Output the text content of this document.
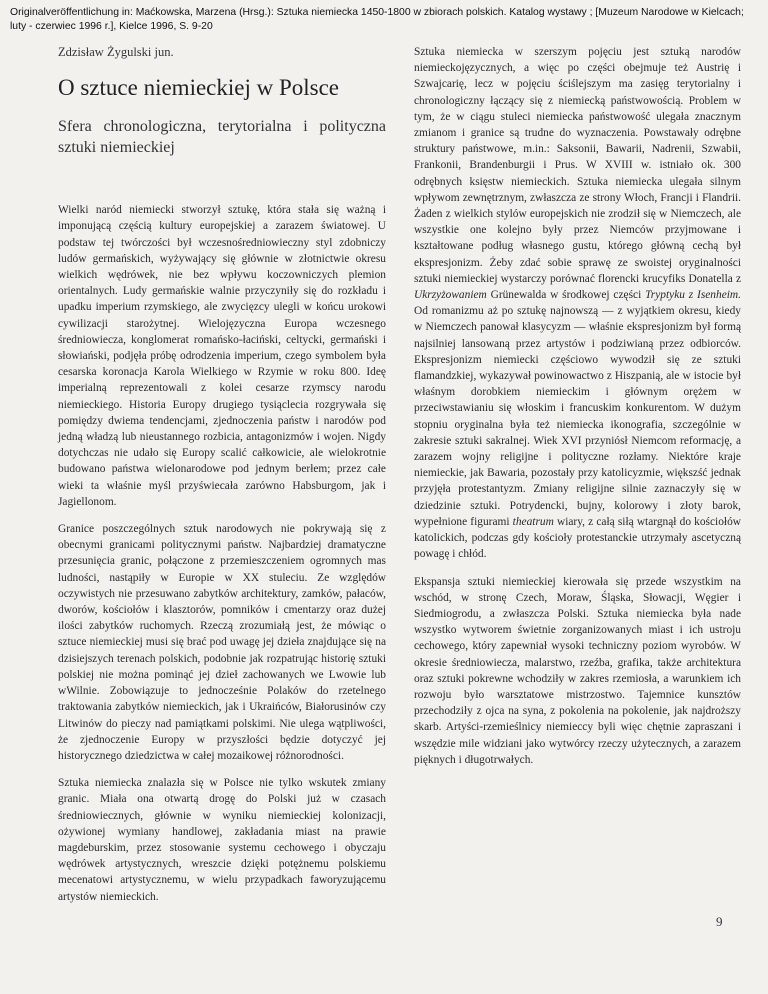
Originalveröffentlichung in: Maćkowska, Marzena (Hrsg.): Sztuka niemiecka 1450-1800 w zbiorach polskich. Katalog wystawy ; [Muzeum Narodowe w Kielcach; luty - czerwiec 1996 r.], Kielce 1996, S. 9-20

Zdzisław Żygulski jun.

O sztuce niemieckiej w Polsce
Sfera chronologiczna, terytorialna i polityczna sztuki niemieckiej

Wielki naród niemiecki stworzył sztukę, która stała się ważną i imponującą częścią kultury europejskiej a zarazem światowej. U podstaw tej twórczości był wczesnośredniowieczny styl zdobniczy ludów germańskich, wyżywający się głównie w złotnictwie okresu wielkich wędrówek, nie bez wpływu koczowniczych plemion orientalnych. Ludy germańskie walnie przyczyniły się do rozkładu i upadku imperium rzymskiego, ale zwycięzcy ulegli w końcu urokowi cywilizacji starożytnej. Wielojęzyczna Europa wczesnego średniowiecza, konglomerat romańsko-łaciński, celtycki, germański i słowiański, podjęła próbę odrodzenia imperium, czego symbolem była cesarska koronacja Karola Wielkiego w Rzymie w roku 800. Ideę imperialną reprezentowali z kolei cesarze rzymscy narodu niemieckiego. Historia Europy drugiego tysiąclecia rozgrywała się pomiędzy dwiema tendencjami, zjednoczenia państw i narodów pod jedną władzą lub nieustannego rozbicia, antagonizmów i wojen. Nigdy dotychczas nie udało się Europy scalić całkowicie, ale wielokrotnie budowano państwa wielonarodowe pod jednym berłem; przez całe wieki ta właśnie myśl przyświecała zarówno Habsburgom, jak i Jagiellonom.

Granice poszczególnych sztuk narodowych nie pokrywają się z obecnymi granicami politycznymi państw. Najbardziej dramatyczne przesunięcia granic, połączone z przemieszczeniem ogromnych mas ludności, nastąpiły w Europie w XX stuleciu. Ze względów oczywistych nie przesuwano zabytków architektury, zamków, pałaców, dworów, kościołów i klasztorów, pomników i cmentarzy oraz dużej ilości zabytków ruchomych. Rzeczą zrozumiałą jest, że mówiąc o sztuce niemieckiej musi się brać pod uwagę jej dzieła znajdujące się na dzisiejszych terenach polskich, podobnie jak rozpatrując historię sztuki polskiej nie można pominąć jej dzieł zachowanych we Lwowie lub wWilnie. Zobowiązuje to jednocześnie Polaków do rzetelnego traktowania zabytków niemieckich, jak i Ukraińców, Białorusinów czy Litwinów do pieczy nad pamiątkami polskimi. Nie ulega wątpliwości, że zjednoczenie Europy w przyszłości będzie dotyczyć jej historycznego dziedzictwa w całej mozaikowej różnorodności.

Sztuka niemiecka znalazła się w Polsce nie tylko wskutek zmiany granic. Miała ona otwartą drogę do Polski już w czasach średniowiecznych, głównie w wyniku niemieckiej kolonizacji, ożywionej wymiany handlowej, zakładania miast na prawie magdeburskim, przez stosowanie systemu cechowego i obyczaju wędrówek artystycznych, wreszcie dzięki potężnemu polskiemu mecenatowi artystycznemu, w wielu przypadkach faworyzującemu artystów niemieckich.

Sztuka niemiecka w szerszym pojęciu jest sztuką narodów niemieckojęzycznych, a więc po części obejmuje też Austrię i Szwajcarię, lecz w pojęciu ściślejszym ma zasięg terytorialny i chronologiczny łączący się z niemiecką państwowością. Problem w tym, że w ciągu stuleci niemiecka państwowość ulegała znacznym zmianom i granice są trudne do wyznaczenia. Powstawały odrębne struktury państwowe, m.in.: Saksonii, Bawarii, Nadrenii, Szwabii, Frankonii, Brandenburgii i Prus. W XVIII w. istniało ok. 300 odrębnych księstw niemieckich. Sztuka niemiecka ulegała silnym wpływom zewnętrznym, zwłaszcza ze strony Włoch, Francji i Flandrii. Żaden z wielkich stylów europejskich nie zrodził się w Niemczech, ale wszystkie one kolejno były przez Niemców przyjmowane i kształtowane podług własnego gustu, którego główną cechą był ekspresjonizm. Żeby zdać sobie sprawę ze swoistej oryginalności sztuki niemieckiej wystarczy porównać florencki krucyfiks Donatella z Ukrzyżowaniem Grünewalda w środkowej części Tryptyku z Isenheim. Od romanizmu aż po sztukę najnowszą — z wyjątkiem okresu, kiedy w Niemczech panował klasycyzm — właśnie ekspresjonizm był formą najsilniej lansowaną przez artystów i podziwianą przez odbiorców. Ekspresjonizm niemiecki częściowo wywodził się ze sztuki flamandzkiej, wykazywał powinowactwo z Hiszpanią, ale w istocie był właśnym dorobkiem niemieckim i głównym orężem w przeciwstawianiu się włoskim i francuskim konkurentom. W dużym stopniu oryginalna była też niemiecka ikonografia, szczególnie w zakresie sztuki sakralnej. Wiek XVI przyniósł Niemcom reformację, a zarazem wojny religijne i polityczne rozłamy. Niektóre kraje niemieckie, jak Bawaria, pozostały przy katolicyzmie, większść jednak przyjęła protestantyzm. Zmiany religijne silnie zaznaczyły się w dziedzinie sztuki. Potrydencki, bujny, kolorowy i złoty barok, wypełnione figurami theatrum wiary, z całą siłą wtargnął do kościołów katolickich, podczas gdy kościoły protestanckie utrzymały ascetyczną powagę i chłód.

Ekspansja sztuki niemieckiej kierowała się przede wszystkim na wschód, w stronę Czech, Moraw, Śląska, Słowacji, Węgier i Siedmiogrodu, a zwłaszcza Polski. Sztuka niemiecka była nade wszystko wytworem świetnie zorganizowanych miast i ich ustroju cechowego, który zapewniał wysoki techniczny poziom wyrobów. W okresie średniowiecza, malarstwo, rzeźba, grafika, także architektura oraz sztuki pokrewne wchodziły w zakres rzemiosła, a warunkiem ich rozwoju było warsztatowe mistrzostwo. Tajemnice kunsztów przechodziły z ojca na syna, z pokolenia na pokolenie, jak najdroższy skarb. Artyści-rzemieślnicy niemieccy byli więc chętnie zapraszani i wszędzie mile widziani jako wytwórcy rzeczy użytecznych, a zarazem pięknych i długotrwałych.

9
